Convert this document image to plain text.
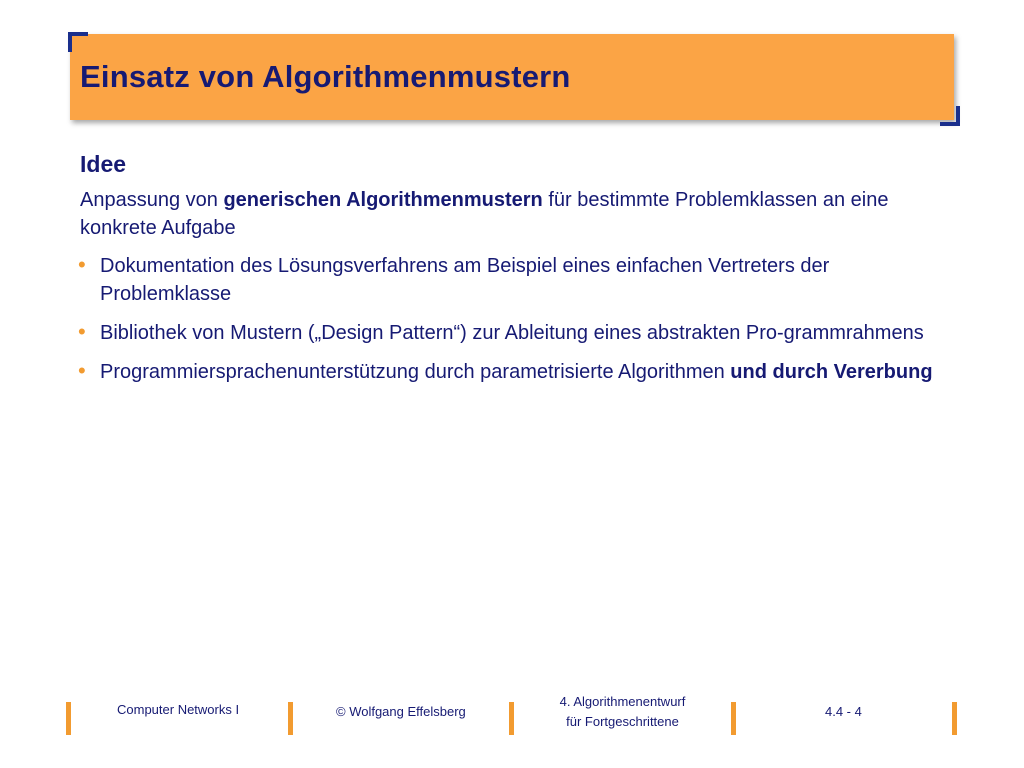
Einsatz von Algorithmenmustern
Idee
Anpassung von generischen Algorithmenmustern für bestimmte Problemklassen an eine konkrete Aufgabe
• Dokumentation des Lösungsverfahrens am Beispiel eines einfachen Vertreters der Problemklasse
• Bibliothek von Mustern („Design Pattern“) zur Ableitung eines abstrakten Pro-grammrahmens
• Programmiersprachenunterstützung durch parametrisierte Algorithmen und durch Vererbung
Computer Networks I	© Wolfgang Effelsberg
4. Algorithmenentwurf
für Fortgeschrittene
4.4 - 4
